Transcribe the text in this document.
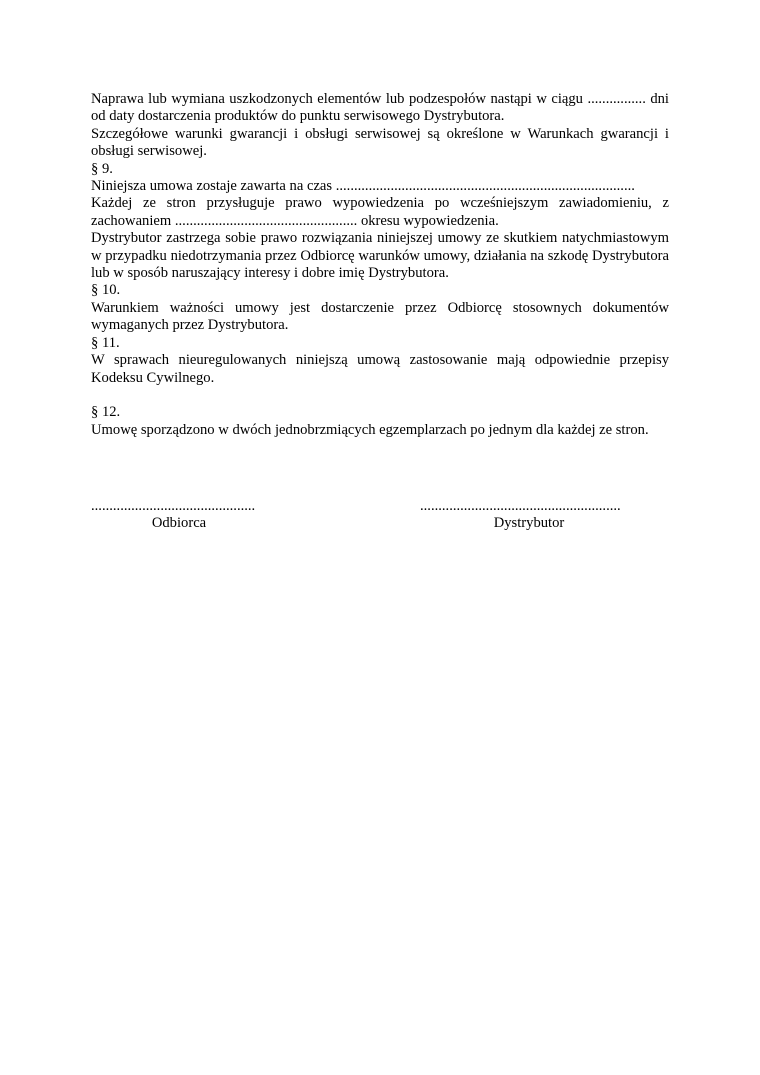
Naprawa lub wymiana uszkodzonych elementów lub podzespołów nastąpi w ciągu ................ dni od daty dostarczenia produktów do punktu serwisowego Dystrybutora.

Szczegółowe warunki gwarancji i obsługi serwisowej są określone w Warunkach gwarancji i obsługi serwisowej.

§ 9.

Niniejsza umowa zostaje zawarta na czas ..................................................................................

Każdej ze stron przysługuje prawo wypowiedzenia po wcześniejszym zawiadomieniu, z zachowaniem .................................................. okresu wypowiedzenia.

Dystrybutor zastrzega sobie prawo rozwiązania niniejszej umowy ze skutkiem natychmiastowym w przypadku niedotrzymania przez Odbiorcę warunków umowy, działania na szkodę Dystrybutora lub w sposób naruszający interesy i dobre imię Dystrybutora.

§ 10.

Warunkiem ważności umowy jest dostarczenie przez Odbiorcę stosownych dokumentów wymaganych przez Dystrybutora.

§ 11.

W sprawach nieuregulowanych niniejszą umową zastosowanie mają odpowiednie przepisy Kodeksu Cywilnego.

§ 12.

Umowę sporządzono w dwóch jednobrzmiących egzemplarzach po jednym dla każdej ze stron.

.............................................
Odbiorca
.......................................................
Dystrybutor
